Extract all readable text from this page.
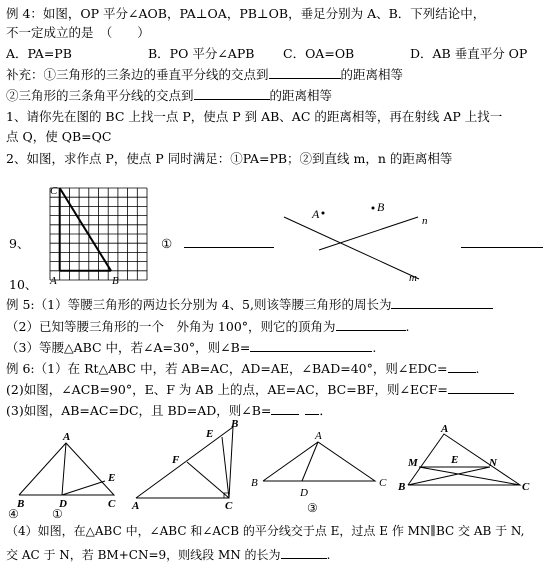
例 4：如图，OP 平分∠AOB，PA⊥OA，PB⊥OB，垂足分别为 A、B．下列结论中，
不一定成立的是　（　　）
A．PA=PB	B．PO 平分∠APB C．OA=OB	D．AB 垂直平分 OP
补充：①三角形的三条边的垂直平分线的交点到	的距离相等
②三角形的三条角平分线的交点到	的距离相等
1、请你先在图的 BC 上找一点 P，使点 P 到 AB、AC 的距离相等，再在射线 AP 上找一
点 Q，使 QB=QC
2、如图，求作点 P，使点 P 同时满足：①PA=PB；②到直线 m，n 的距离相等
C
A	B
9、	①
A	B
n
m
10、
例 5:（1）等腰三角形的两边长分别为 4、5,则该等腰三角形的周长为
（2）已知等腰三角形的一个　外角为 100°，则它的顶角为	.
（3）等腰△ABC 中，若∠A=30°，则∠B=	.
例 6:（1）在 Rt△ABC 中，若 AB=AC，AD=AE，∠BAD=40°，则∠EDC= .
(2)如图，∠ACB=90°，E、F 为 AB 上的点，AE=AC，BC=BF，则∠ECF=
(3)如图，AB=AC=DC，且 BD=AD，则∠B=	．
A
E
B	D	C
④	①
B
E
F
A	C
A
B	C
D
③
A
M	E	N
B	C
（4）如图，在△ABC 中，∠ABC 和∠ACB 的平分线交于点 E，过点 E 作 MN∥BC 交 AB 于 N,
交 AC 于 N，若 BM+CN=9，则线段 MN 的长为	.
